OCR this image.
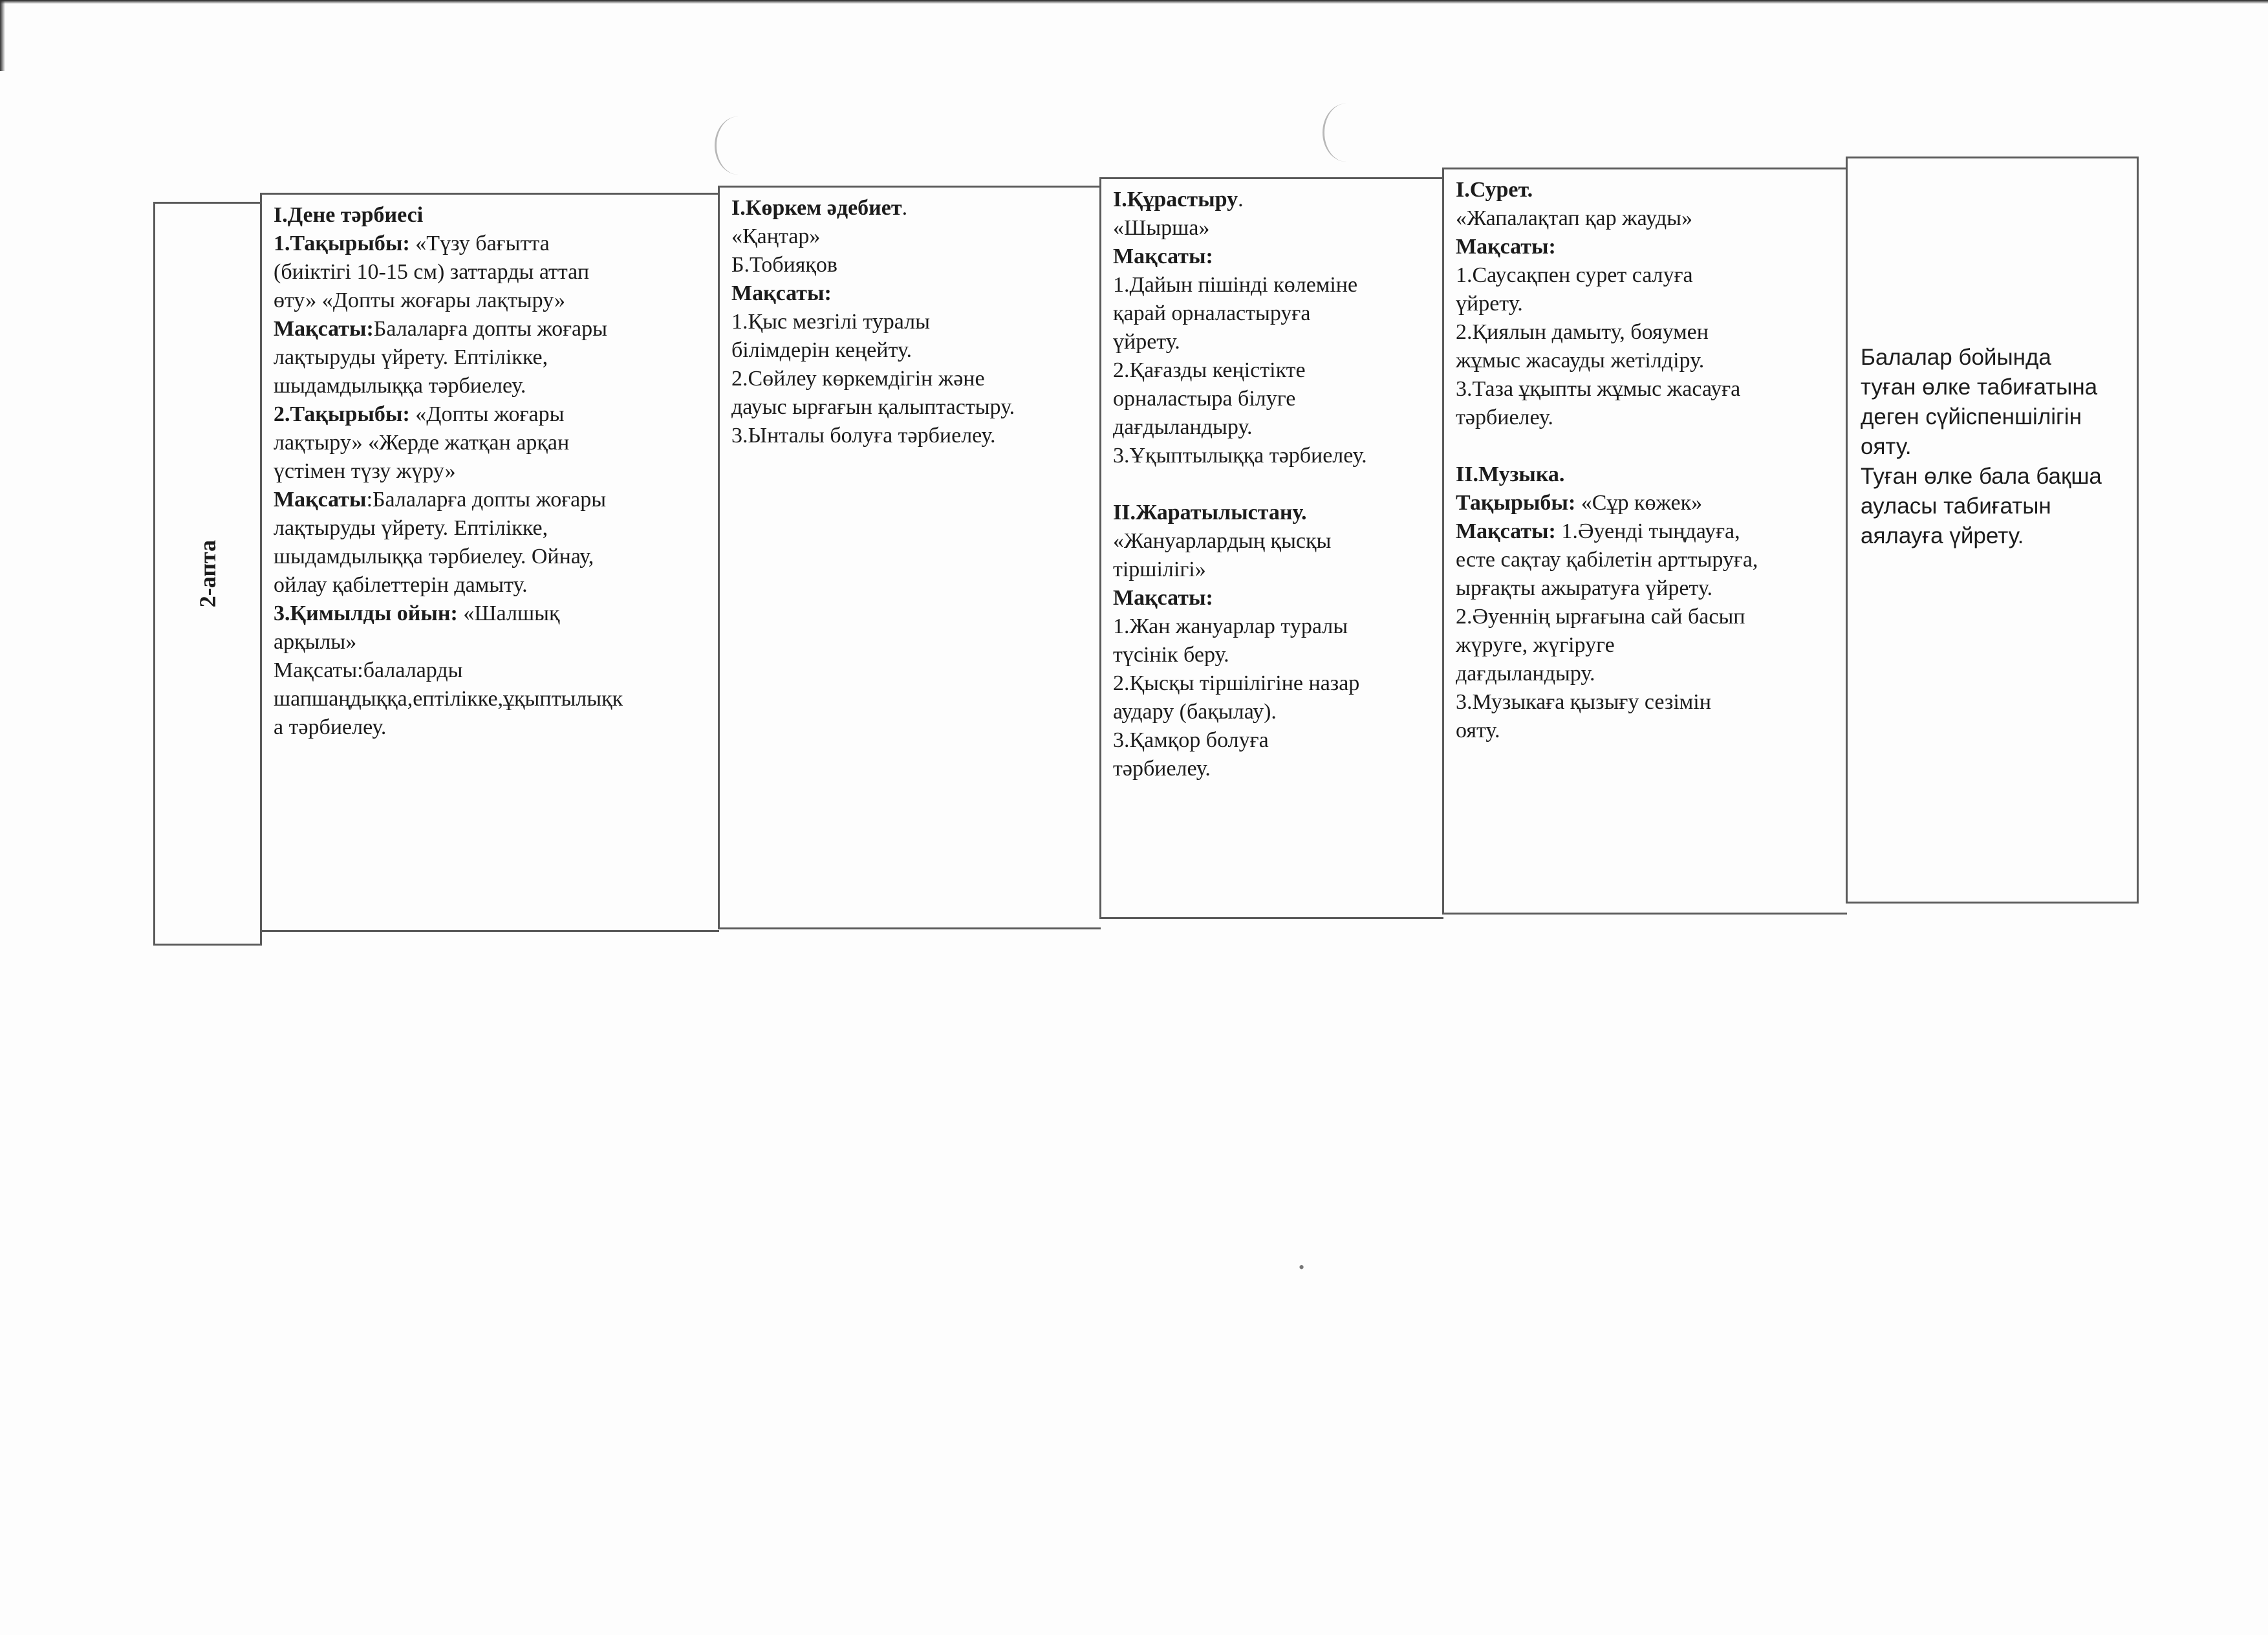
•
2-апта

I.Дене тәрбиесі

1.Тақырыбы: «Түзу бағытта

(биіктігі 10-15 см) заттарды аттап

өту» «Допты жоғары лақтыру»

Мақсаты:Балаларға допты жоғары

лақтыруды үйрету. Ептілікке,

шыдамдылыққа тәрбиелеу.

2.Тақырыбы: «Допты жоғары

лақтыру» «Жерде жатқан арқан

үстімен түзу жүру»

Мақсаты:Балаларға допты жоғары

лақтыруды үйрету. Ептілікке,

шыдамдылыққа тәрбиелеу. Ойнау,

ойлау қабілеттерін дамыту.

3.Қимылды ойын: «Шалшық

арқылы»

Мақсаты:балаларды

шапшаңдыққа,ептілікке,ұқыптылықк

а тәрбиелеу.

I.Көркем әдебиет.

«Қаңтар»

Б.Тобияқов

Мақсаты:

1.Қыс мезгілі туралы

білімдерін кеңейту.

2.Сөйлеу көркемдігін және

дауыс ырғағын қалыптастыру.

3.Ынталы болуға тәрбиелеу.

I.Құрастыру.

«Шырша»

Мақсаты:

1.Дайын пішінді көлеміне

қарай орналастыруға

үйрету.

2.Қағазды кеңістікте

орналастыра білуге

дағдыландыру.

3.Ұқыптылыққа тәрбиелеу.

II.Жаратылыстану.

«Жануарлардың қысқы

тіршілігі»

Мақсаты:

1.Жан жануарлар туралы

түсінік беру.

2.Қысқы тіршілігіне назар

аудару (бақылау).

3.Қамқор болуға

тәрбиелеу.

I.Сурет.

«Жапалақтап қар жауды»

Мақсаты:

1.Саусақпен сурет салуға

үйрету.

2.Қиялын дамыту, бояумен

жұмыс жасауды жетілдіру.

3.Таза ұқыпты жұмыс жасауға

тәрбиелеу.

II.Музыка.

Тақырыбы: «Сұр көжек»

Мақсаты: 1.Әуенді тыңдауға,

есте сақтау қабілетін арттыруға,

ырғақты ажыратуға үйрету.

2.Әуеннің ырғағына сай басып

жүруге, жүгіруге

дағдыландыру.

3.Музыкаға қызығу сезімін

ояту.

Балалар бойында

туған өлке табиғатына

деген сүйіспеншілігін

ояту.

Туған өлке бала бақша

ауласы табиғатын

аялауға үйрету.
